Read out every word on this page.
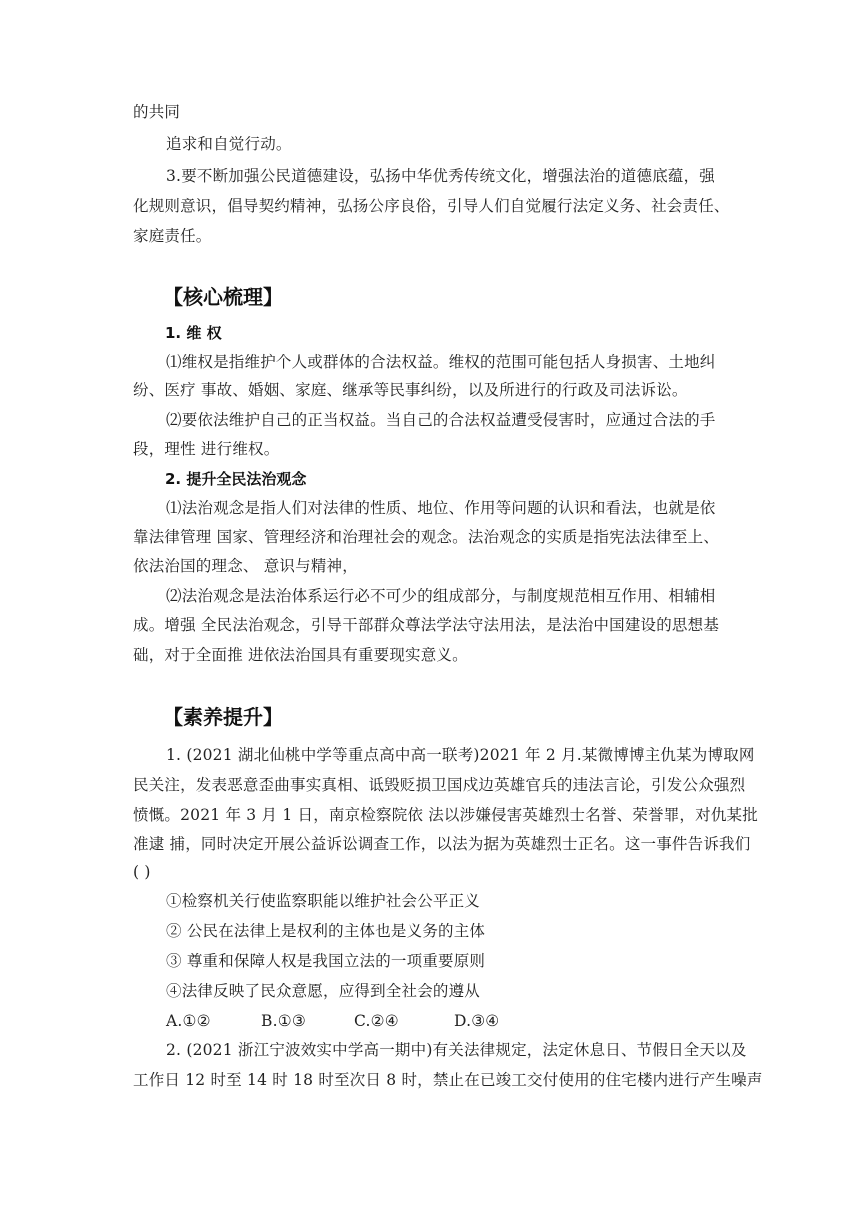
的共同
追求和自觉行动。
3.要不断加强公民道德建设，弘扬中华优秀传统文化，增强法治的道德底蕴，强
化规则意识，倡导契约精神，弘扬公序良俗，引导人们自觉履行法定义务、社会责任、
家庭责任。
【核心梳理】
1. 维 权
⑴维权是指维护个人或群体的合法权益。维权的范围可能包括人身损害、土地纠
纷、医疗 事故、婚姻、家庭、继承等民事纠纷，以及所进行的行政及司法诉讼。
⑵要依法维护自己的正当权益。当自己的合法权益遭受侵害时，应通过合法的手
段，理性 进行维权。
2. 提升全民法治观念
⑴法治观念是指人们对法律的性质、地位、作用等问题的认识和看法，也就是依
靠法律管理 国家、管理经济和治理社会的观念。法治观念的实质是指宪法法律至上、
依法治国的理念、 意识与精神，
⑵法治观念是法治体系运行必不可少的组成部分，与制度规范相互作用、相辅相
成。增强 全民法治观念，引导干部群众尊法学法守法用法，是法治中国建设的思想基
础，对于全面推 进依法治国具有重要现实意义。
【素养提升】
1. (2021 湖北仙桃中学等重点高中高一联考)2021 年 2 月.某微博博主仇某为博取网
民关注，发表恶意歪曲事实真相、诋毁贬损卫国戍边英雄官兵的违法言论，引发公众强烈
愤慨。2021 年 3 月 1 日，南京检察院依 法以涉嫌侵害英雄烈士名誉、荣誉罪，对仇某批
准逮 捕，同时决定开展公益诉讼调查工作，以法为据为英雄烈士正名。这一事件告诉我们
( )
①检察机关行使监察职能以维护社会公平正义
② 公民在法律上是权利的主体也是义务的主体
③ 尊重和保障人权是我国立法的一项重要原则
④法律反映了民众意愿，应得到全社会的遵从
A.①②	B.①③	C.②④	D.③④
2. (2021 浙江宁波效实中学高一期中)有关法律规定，法定休息日、节假日全天以及
工作日 12 时至 14 时 18 时至次日 8 时，禁止在已竣工交付使用的住宅楼内进行产生噪声
